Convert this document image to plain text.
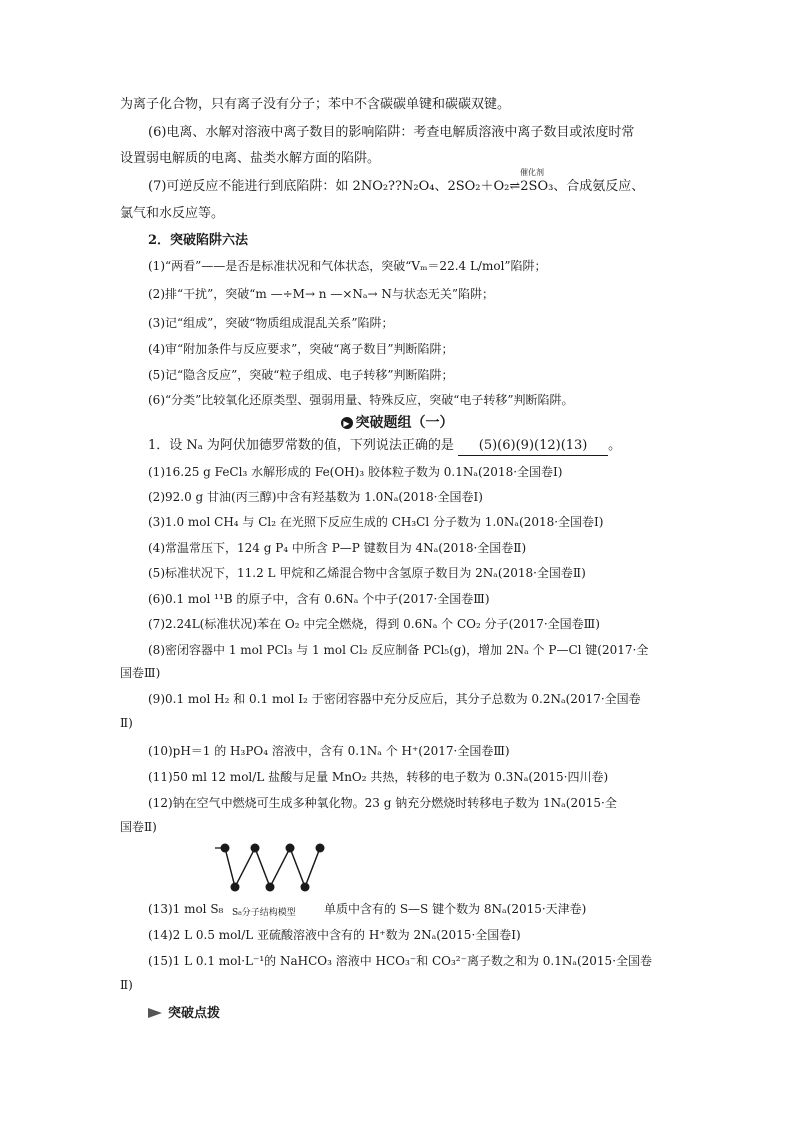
为离子化合物，只有离子没有分子；苯中不含碳碳单键和碳碳双键。
(6)电离、水解对溶液中离子数目的影响陷阱：考查电解质溶液中离子数目或浓度时常
设置弱电解质的电离、盐类水解方面的陷阱。
催化剂
(7)可逆反应不能进行到底陷阱：如 2NO₂??N₂O₄、2SO₂＋O₂⇌2SO₃、合成氨反应、
氯气和水反应等。
2．突破陷阱六法
(1)“两看”——是否是标准状况和气体状态，突破“Vₘ＝22.4 L/mol”陷阱；
(2)排“干扰”，突破“m —÷M→ n —×Nₐ→ N与状态无关”陷阱；
(3)记“组成”，突破“物质组成混乱关系”陷阱；
(4)审“附加条件与反应要求”，突破“离子数目”判断陷阱；
(5)记“隐含反应”，突破“粒子组成、电子转移”判断陷阱；
(6)“分类”比较氧化还原类型、强弱用量、特殊反应，突破“电子转移”判断陷阱。
▶ 突破题组（一）
1．设 Nₐ 为阿伏加德罗常数的值，下列说法正确的是 (5)(6)(9)(12)(13) 。
(1)16.25 g FeCl₃ 水解形成的 Fe(OH)₃ 胶体粒子数为 0.1Nₐ(2018·全国卷Ⅰ)
(2)92.0 g 甘油(丙三醇)中含有羟基数为 1.0Nₐ(2018·全国卷Ⅰ)
(3)1.0 mol CH₄ 与 Cl₂ 在光照下反应生成的 CH₃Cl 分子数为 1.0Nₐ(2018·全国卷Ⅰ)
(4)常温常压下，124 g P₄ 中所含 P—P 键数目为 4Nₐ(2018·全国卷Ⅱ)
(5)标准状况下，11.2 L 甲烷和乙烯混合物中含氢原子数目为 2Nₐ(2018·全国卷Ⅱ)
(6)0.1 mol ¹¹B 的原子中，含有 0.6Nₐ 个中子(2017·全国卷Ⅲ)
(7)2.24L(标准状况)苯在 O₂ 中完全燃烧，得到 0.6Nₐ 个 CO₂ 分子(2017·全国卷Ⅲ)
(8)密闭容器中 1 mol PCl₃ 与 1 mol Cl₂ 反应制备 PCl₅(g)，增加 2Nₐ 个 P—Cl 键(2017·全
国卷Ⅲ)
(9)0.1 mol H₂ 和 0.1 mol I₂ 于密闭容器中充分反应后，其分子总数为 0.2Nₐ(2017·全国卷
Ⅱ)
(10)pH＝1 的 H₃PO₄ 溶液中，含有 0.1Nₐ 个 H⁺(2017·全国卷Ⅲ)
(11)50 ml 12 mol/L 盐酸与足量 MnO₂ 共热，转移的电子数为 0.3Nₐ(2015·四川卷)
(12)钠在空气中燃烧可生成多种氧化物。23 g 钠充分燃烧时转移电子数为 1Nₐ(2015·全
国卷Ⅱ)
(13)1 mol S₈ S₈分子结构模型 单质中含有的 S—S 键个数为 8Nₐ(2015·天津卷)
(14)2 L 0.5 mol/L 亚硫酸溶液中含有的 H⁺数为 2Nₐ(2015·全国卷Ⅰ)
(15)1 L 0.1 mol·L⁻¹的 NaHCO₃ 溶液中 HCO₃⁻和 CO₃²⁻离子数之和为 0.1Nₐ(2015·全国卷
Ⅱ)
突破点拨
